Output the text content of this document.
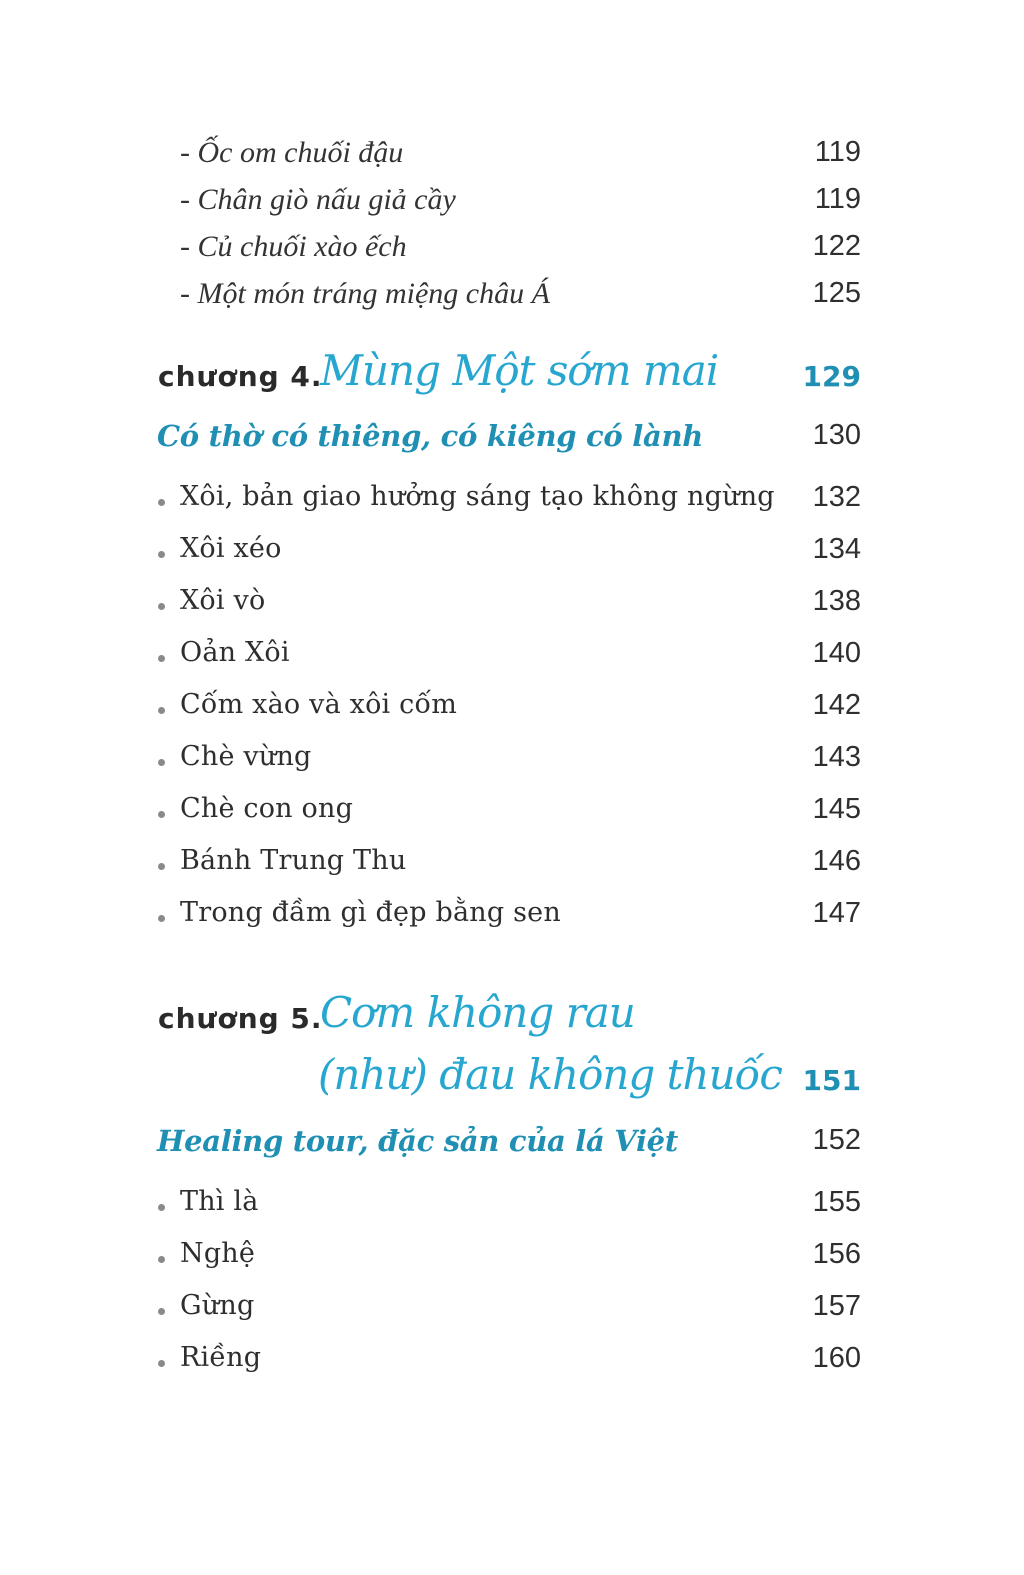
- Ốc om chuối đậu	119
- Chân giò nấu giả cầy	119
- Củ chuối xào ếch	122
- Một món tráng miệng châu Á	125
chương 4.
Mùng Một sớm mai	129
Có thờ có thiêng, có kiêng có lành	130
Xôi, bản giao hưởng sáng tạo không ngừng 132
Xôi xéo	134
Xôi vò	138
Oản Xôi	140
Cốm xào và xôi cốm	142
Chè vừng	143
Chè con ong	145
Bánh Trung Thu	146
Trong đầm gì đẹp bằng sen	147
chương 5.
Cơm không rau
(như) đau không thuốc 151
Healing tour, đặc sản của lá Việt	152
Thì là	155
Nghệ	156
Gừng	157
Riềng	160
